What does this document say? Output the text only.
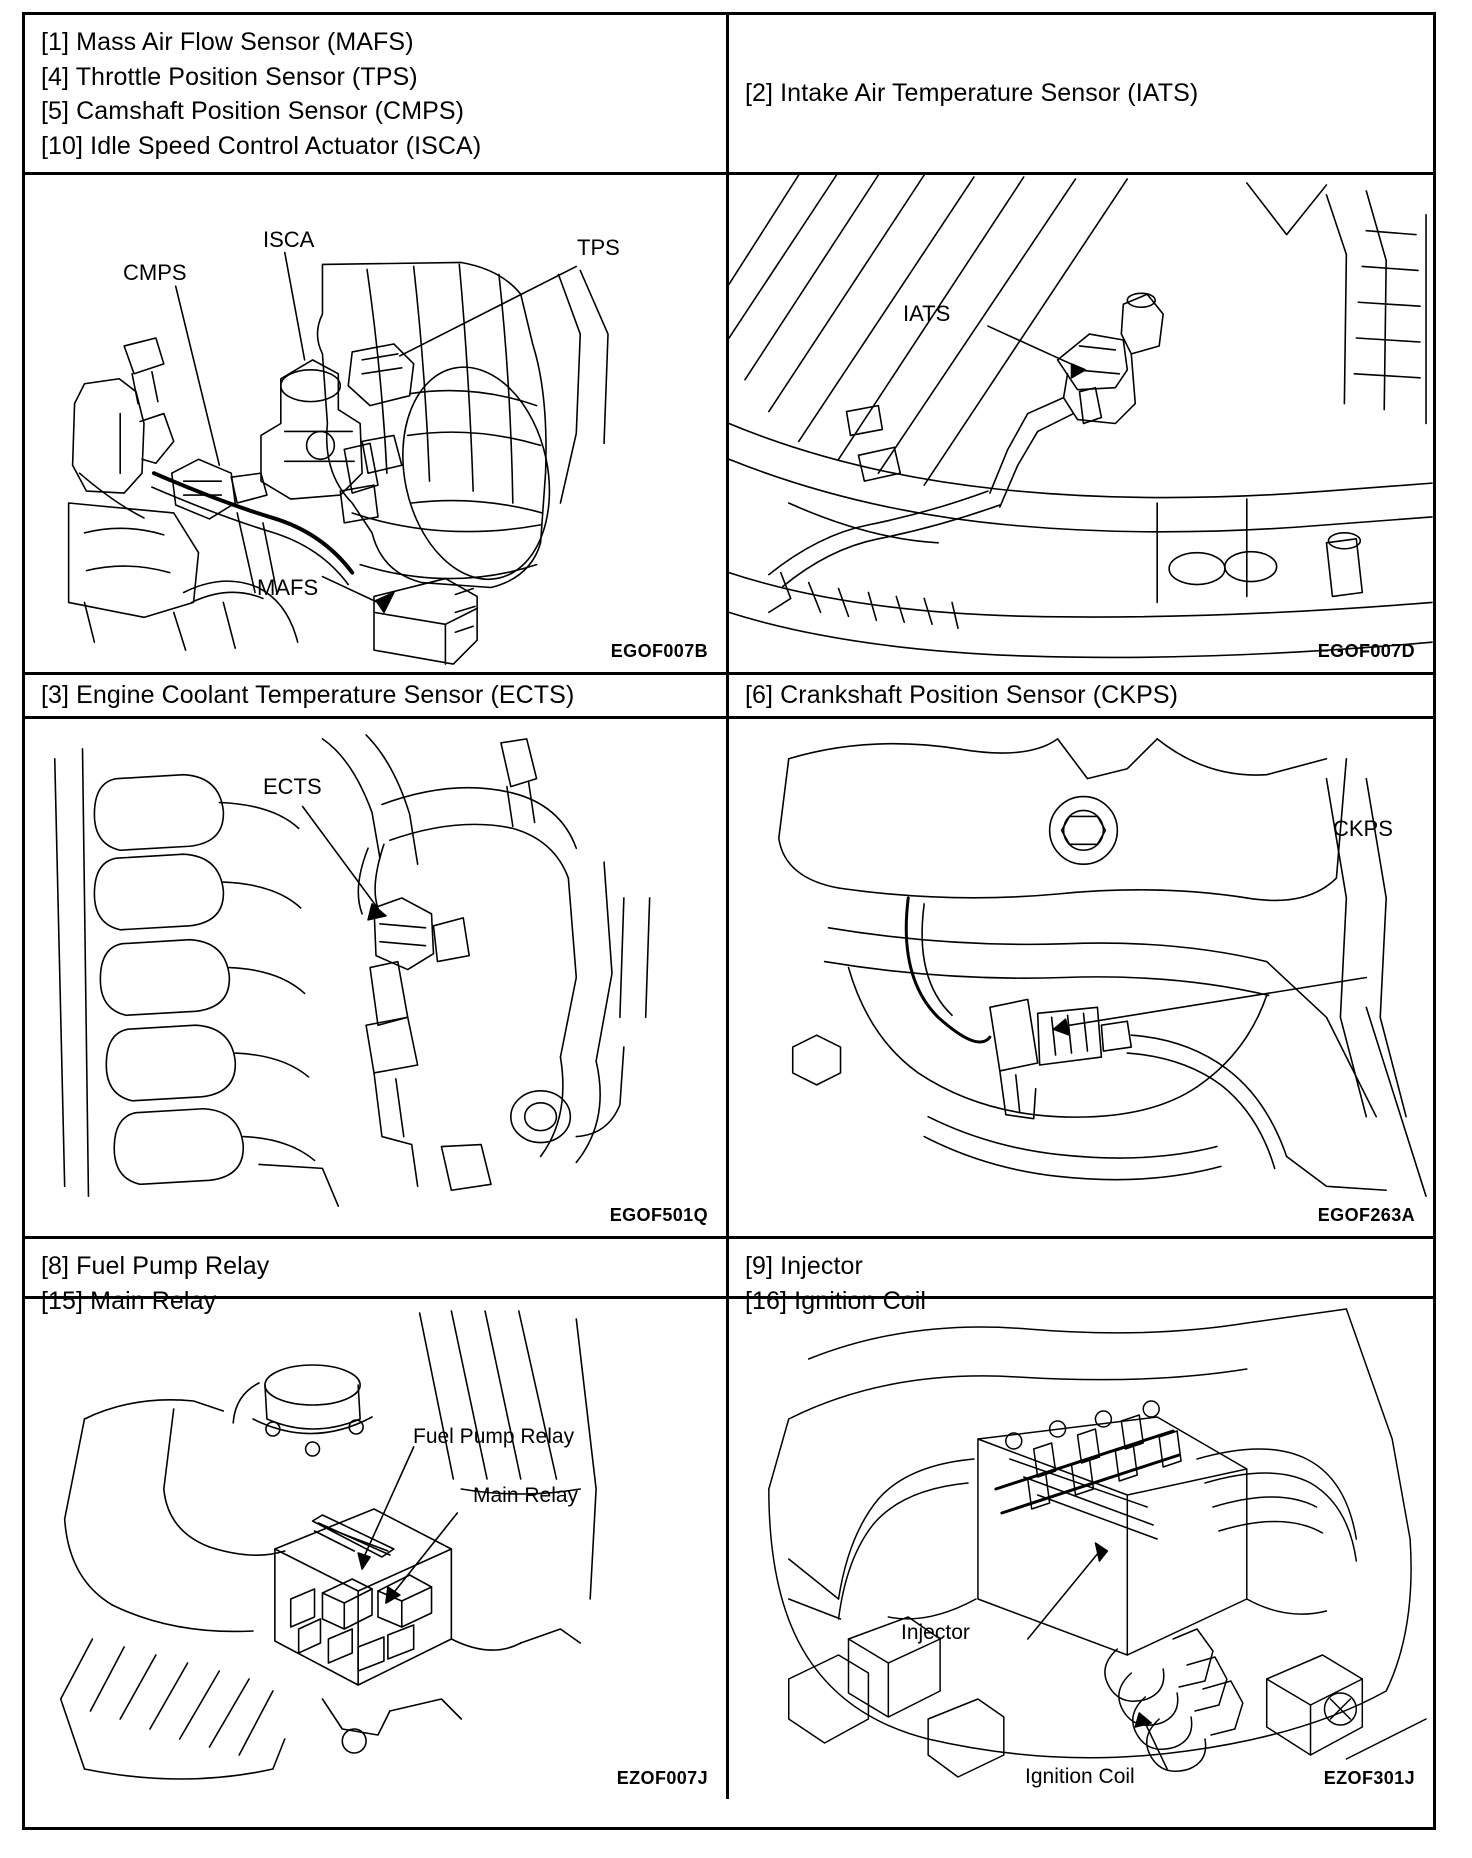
[1] Mass Air Flow Sensor (MAFS)
[4] Throttle Position Sensor (TPS)
[5] Camshaft Position Sensor (CMPS)
[10] Idle Speed Control Actuator (ISCA)
[2] Intake Air Temperature Sensor (IATS)
ISCA
CMPS
TPS
MAFS
EGOF007B
IATS
EGOF007D
[3] Engine Coolant Temperature Sensor (ECTS)	[6] Crankshaft Position Sensor (CKPS)
ECTS
EGOF501Q
CKPS
EGOF263A
[8] Fuel Pump Relay
[15] Main Relay
[9] Injector
[16] Ignition Coil
Fuel Pump Relay
Main Relay
EZOF007J
Injector
Ignition Coil	EZOF301J
